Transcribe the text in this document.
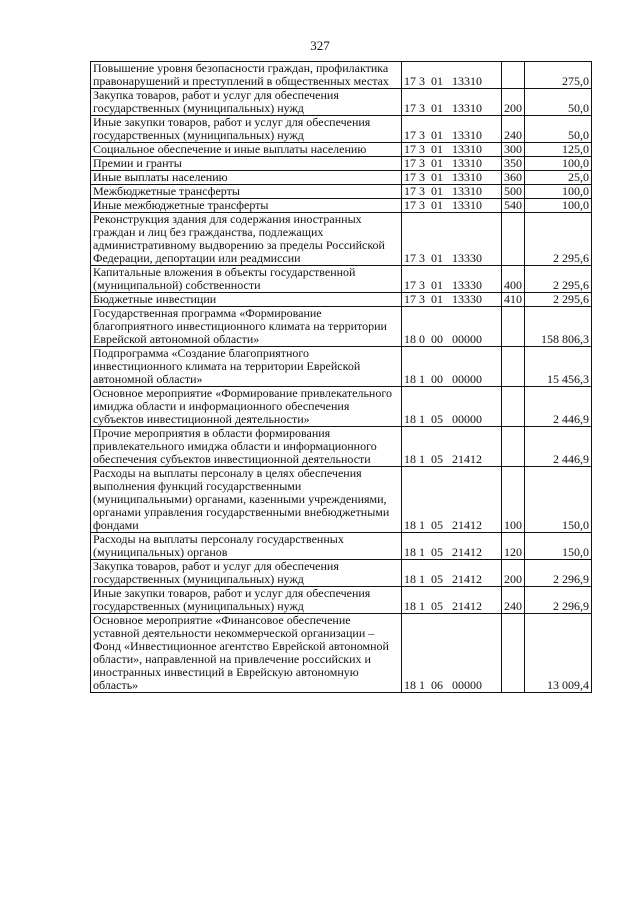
327
Повышение уровня безопасности граждан, профилактика правонарушений и преступлений в общественных местах	17 3 01 13310		275,0
Закупка товаров, работ и услуг для обеспечения государственных (муниципальных) нужд	17 3 01 13310	200	50,0
Иные закупки товаров, работ и услуг для обеспечения государственных (муниципальных) нужд	17 3 01 13310	240	50,0
Социальное обеспечение и иные выплаты населению	17 3 01 13310	300	125,0
Премии и гранты	17 3 01 13310	350	100,0
Иные выплаты населению	17 3 01 13310	360	25,0
Межбюджетные трансферты	17 3 01 13310	500	100,0
Иные межбюджетные трансферты	17 3 01 13310	540	100,0
Реконструкция здания для содержания иностранных граждан и лиц без гражданства, подлежащих административному выдворению за пределы Российской Федерации, депортации или реадмиссии	17 3 01 13330		2 295,6
Капитальные вложения в объекты государственной (муниципальной) собственности	17 3 01 13330	400	2 295,6
Бюджетные инвестиции	17 3 01 13330	410	2 295,6
Государственная программа «Формирование благоприятного инвестиционного климата на территории Еврейской автономной области»	18 0 00 00000		158 806,3
Подпрограмма «Создание благоприятного инвестиционного климата на территории Еврейской автономной области»	18 1 00 00000		15 456,3
Основное мероприятие «Формирование привлекательного имиджа области и информационного обеспечения субъектов инвестиционной деятельности»	18 1 05 00000		2 446,9
Прочие мероприятия в области формирования привлекательного имиджа области и информационного обеспечения субъектов инвестиционной деятельности	18 1 05 21412		2 446,9
Расходы на выплаты персоналу в целях обеспечения выполнения функций государственными (муниципальными) органами, казенными учреждениями, органами управления государственными внебюджетными фондами	18 1 05 21412	100	150,0
Расходы на выплаты персоналу государственных (муниципальных) органов	18 1 05 21412	120	150,0
Закупка товаров, работ и услуг для обеспечения государственных (муниципальных) нужд	18 1 05 21412	200	2 296,9
Иные закупки товаров, работ и услуг для обеспечения государственных (муниципальных) нужд	18 1 05 21412	240	2 296,9
Основное мероприятие «Финансовое обеспечение уставной деятельности некоммерческой организации – Фонд «Инвестиционное агентство Еврейской автономной области», направленной на привлечение российских и иностранных инвестиций в Еврейскую автономную область»	18 1 06 00000		13 009,4
